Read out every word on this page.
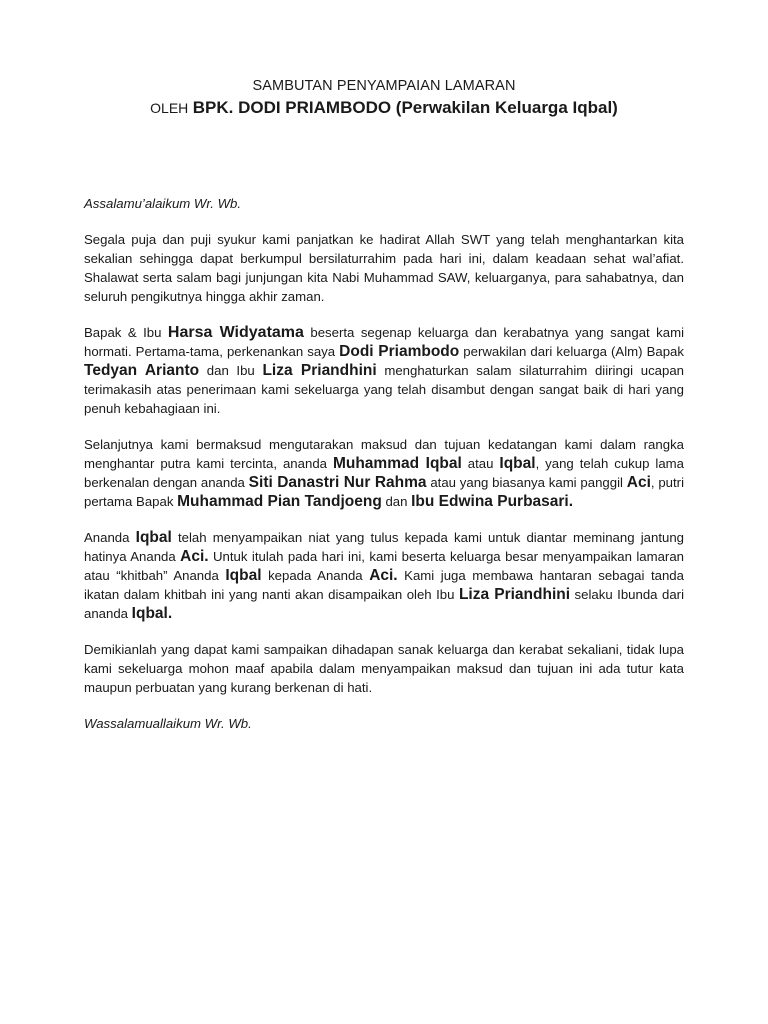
SAMBUTAN PENYAMPAIAN LAMARAN
OLEH BPK. DODI PRIAMBODO (Perwakilan Keluarga Iqbal)

Assalamu’alaikum Wr. Wb.

Segala puja dan puji syukur kami panjatkan ke hadirat Allah SWT yang telah menghantarkan kita sekalian sehingga dapat berkumpul bersilaturrahim pada hari ini, dalam keadaan sehat wal’afiat. Shalawat serta salam bagi junjungan kita Nabi Muhammad SAW, keluarganya, para sahabatnya, dan seluruh pengikutnya hingga akhir zaman.

Bapak & Ibu Harsa Widyatama beserta segenap keluarga dan kerabatnya yang sangat kami hormati. Pertama-tama, perkenankan saya Dodi Priambodo perwakilan dari keluarga (Alm) Bapak Tedyan Arianto dan Ibu Liza Priandhini menghaturkan salam silaturrahim diiringi ucapan terimakasih atas penerimaan kami sekeluarga yang telah disambut dengan sangat baik di hari yang penuh kebahagiaan ini.

Selanjutnya kami bermaksud mengutarakan maksud dan tujuan kedatangan kami dalam rangka menghantar putra kami tercinta, ananda Muhammad Iqbal atau Iqbal, yang telah cukup lama berkenalan dengan ananda Siti Danastri Nur Rahma atau yang biasanya kami panggil Aci, putri pertama Bapak Muhammad Pian Tandjoeng dan Ibu Edwina Purbasari.

Ananda Iqbal telah menyampaikan niat yang tulus kepada kami untuk diantar meminang jantung hatinya Ananda Aci. Untuk itulah pada hari ini, kami beserta keluarga besar menyampaikan lamaran atau “khitbah” Ananda Iqbal kepada Ananda Aci. Kami juga membawa hantaran sebagai tanda ikatan dalam khitbah ini yang nanti akan disampaikan oleh Ibu Liza Priandhini selaku Ibunda dari ananda Iqbal.

Demikianlah yang dapat kami sampaikan dihadapan sanak keluarga dan kerabat sekaliani, tidak lupa kami sekeluarga mohon maaf apabila dalam menyampaikan maksud dan tujuan ini ada tutur kata maupun perbuatan yang kurang berkenan di hati.

Wassalamuallaikum Wr. Wb.
